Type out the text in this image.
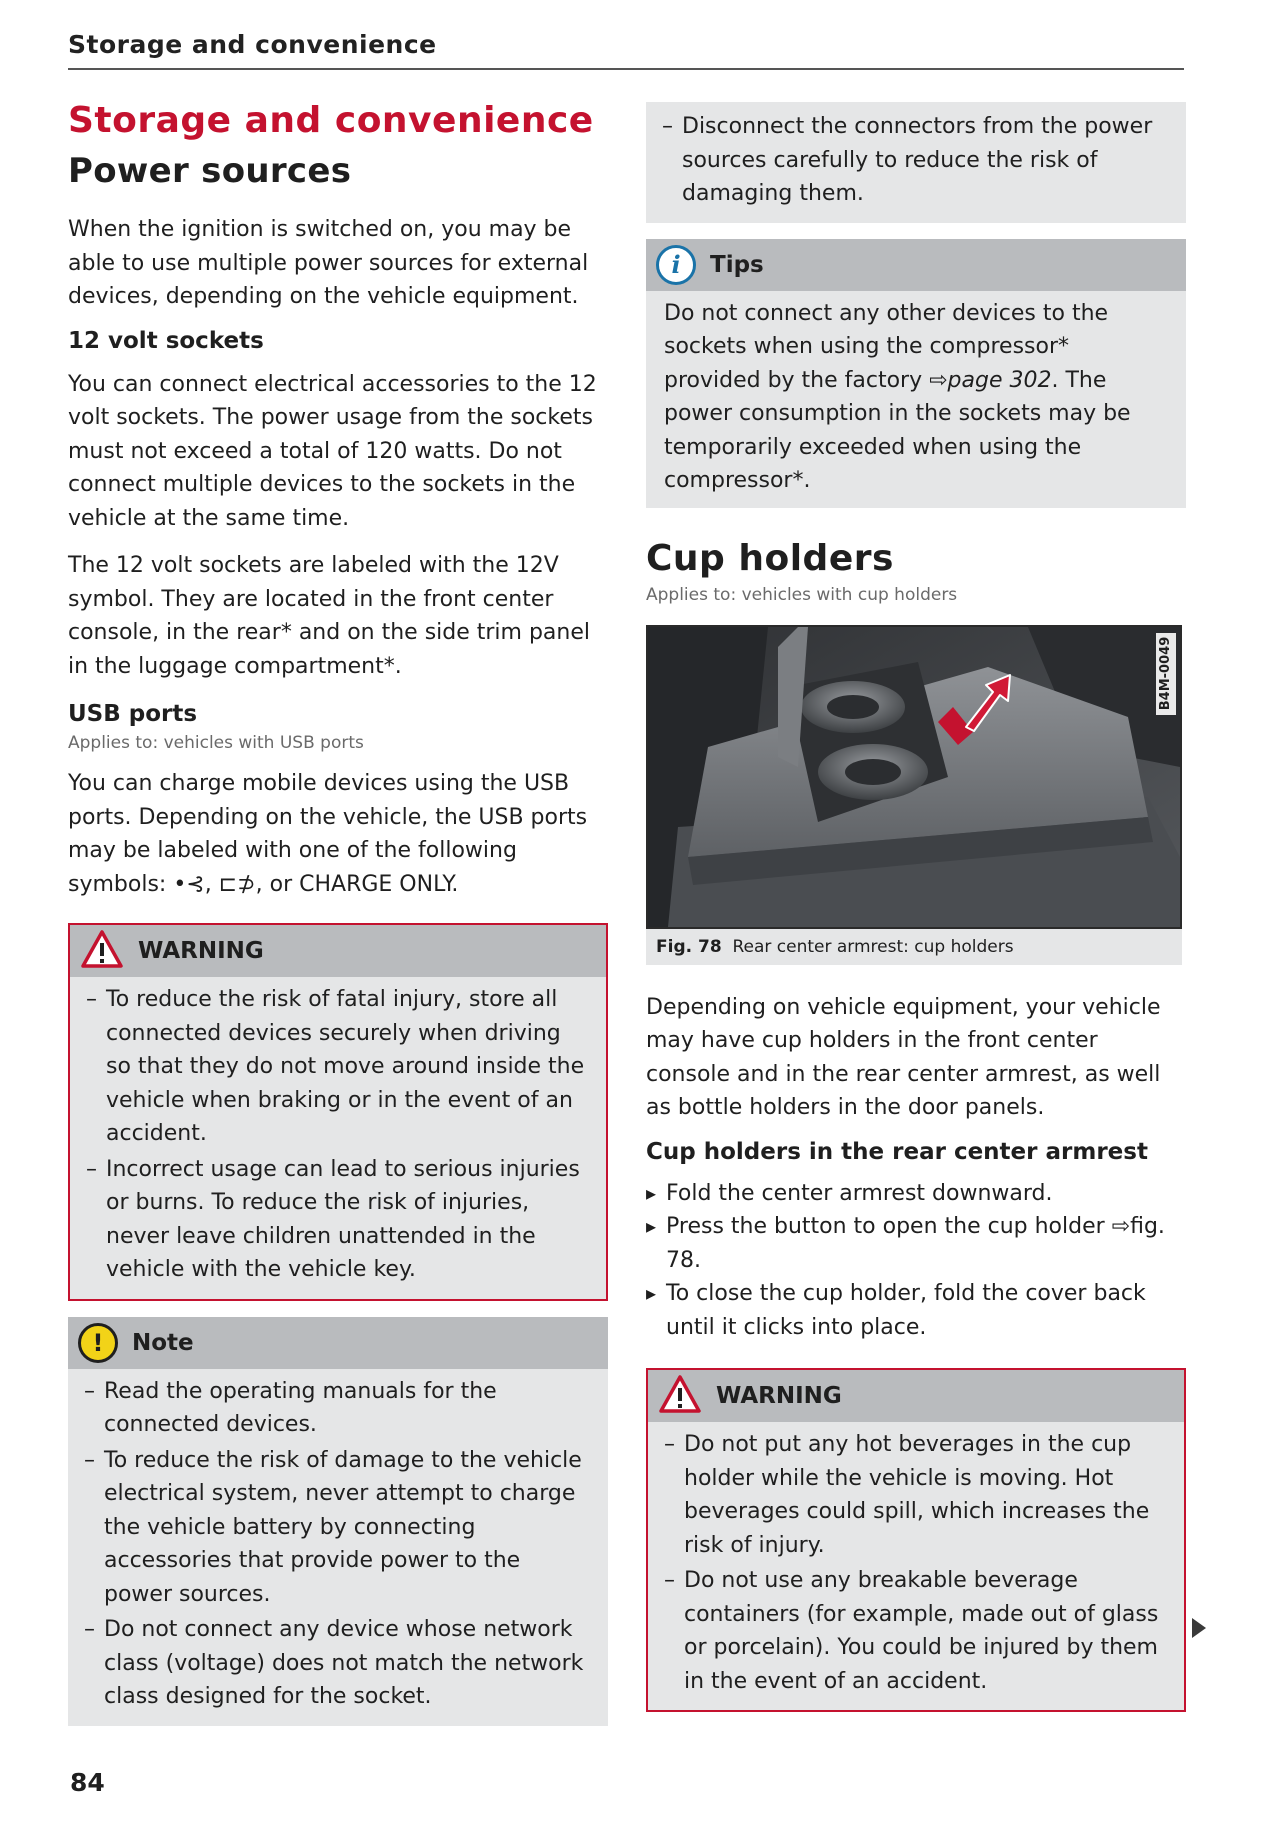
Storage and convenience
Storage and convenience
Power sources

When the ignition is switched on, you may be able to use multiple power sources for external devices, depending on the vehicle equipment.

12 volt sockets

You can connect electrical accessories to the 12 volt sockets. The power usage from the sockets must not exceed a total of 120 watts. Do not connect multiple devices to the sockets in the vehicle at the same time.

The 12 volt sockets are labeled with the 12V symbol. They are located in the front center console, in the rear* and on the side trim panel in the luggage compartment*.

USB ports
Applies to: vehicles with USB ports

You can charge mobile devices using the USB ports. Depending on the vehicle, the USB ports may be labeled with one of the following symbols: •⊰, ⊏⊅, or CHARGE ONLY.

WARNING
– To reduce the risk of fatal injury, store all connected devices securely when driving so that they do not move around inside the vehicle when braking or in the event of an accident.
– Incorrect usage can lead to serious injuries or burns. To reduce the risk of injuries, never leave children unattended in the vehicle with the vehicle key.
!	Note
– Read the operating manuals for the connected devices.
– To reduce the risk of damage to the vehicle electrical system, never attempt to charge the vehicle battery by connecting accessories that provide power to the power sources.
– Do not connect any device whose network class (voltage) does not match the network class designed for the socket.
– Disconnect the connectors from the power sources carefully to reduce the risk of damaging them.
i	Tips
Do not connect any other devices to the sockets when using the compressor* provided by the factory ⇨page 302. The power consumption in the sockets may be temporarily exceeded when using the compressor*.
Cup holders
Applies to: vehicles with cup holders
B4M-0049
Fig. 78 Rear center armrest: cup holders

Depending on vehicle equipment, your vehicle may have cup holders in the front center console and in the rear center armrest, as well as bottle holders in the door panels.

Cup holders in the rear center armrest
▸ Fold the center armrest downward.
▸ Press the button to open the cup holder ⇨fig. 78.
▸ To close the cup holder, fold the cover back until it clicks into place.
WARNING
– Do not put any hot beverages in the cup holder while the vehicle is moving. Hot beverages could spill, which increases the risk of injury.
– Do not use any breakable beverage containers (for example, made out of glass or porcelain). You could be injured by them in the event of an accident.
84
